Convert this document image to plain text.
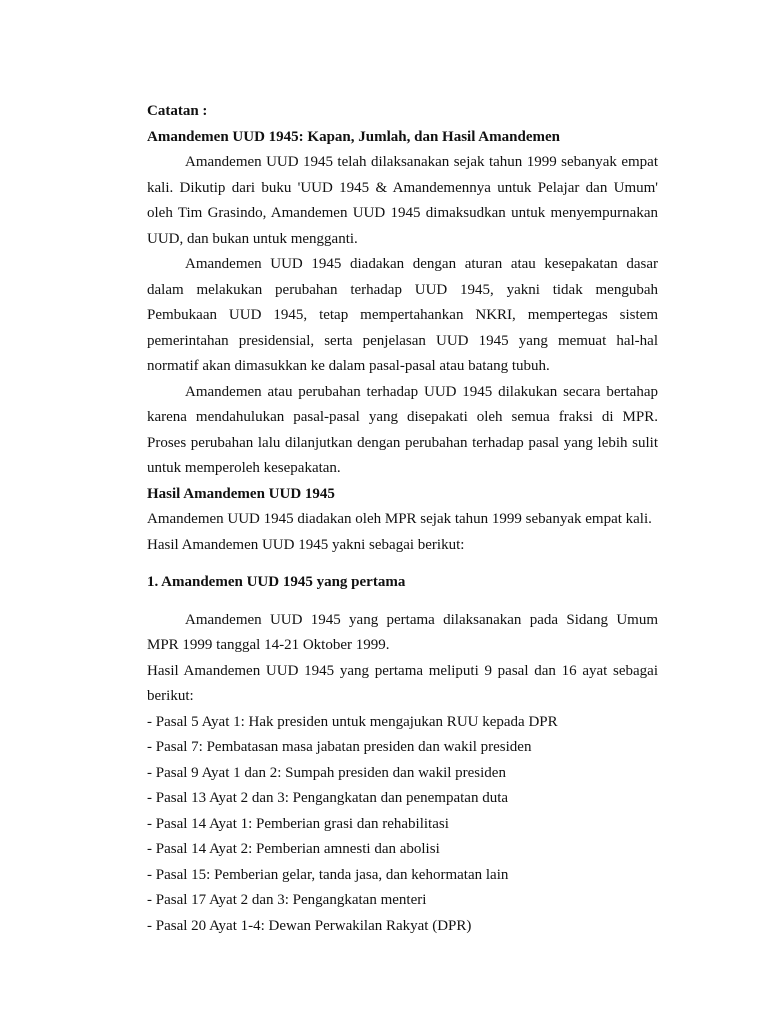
Catatan :
Amandemen UUD 1945: Kapan, Jumlah, dan Hasil Amandemen
Amandemen UUD 1945 telah dilaksanakan sejak tahun 1999 sebanyak empat
kali. Dikutip dari buku 'UUD 1945 & Amandemennya untuk Pelajar dan Umum'
oleh Tim Grasindo, Amandemen UUD 1945 dimaksudkan untuk menyempurnakan
UUD, dan bukan untuk mengganti.
Amandemen UUD 1945 diadakan dengan aturan atau kesepakatan dasar
dalam melakukan perubahan terhadap UUD 1945, yakni tidak mengubah
Pembukaan UUD 1945, tetap mempertahankan NKRI, mempertegas sistem
pemerintahan presidensial, serta penjelasan UUD 1945 yang memuat hal-hal
normatif akan dimasukkan ke dalam pasal-pasal atau batang tubuh.
Amandemen atau perubahan terhadap UUD 1945 dilakukan secara bertahap
karena mendahulukan pasal-pasal yang disepakati oleh semua fraksi di MPR.
Proses perubahan lalu dilanjutkan dengan perubahan terhadap pasal yang lebih sulit
untuk memperoleh kesepakatan.
Hasil Amandemen UUD 1945
Amandemen UUD 1945 diadakan oleh MPR sejak tahun 1999 sebanyak empat kali.
Hasil Amandemen UUD 1945 yakni sebagai berikut:
1. Amandemen UUD 1945 yang pertama
Amandemen UUD 1945 yang pertama dilaksanakan pada Sidang Umum
MPR 1999 tanggal 14-21 Oktober 1999.
Hasil Amandemen UUD 1945 yang pertama meliputi 9 pasal dan 16 ayat sebagai
berikut:
- Pasal 5 Ayat 1: Hak presiden untuk mengajukan RUU kepada DPR
- Pasal 7: Pembatasan masa jabatan presiden dan wakil presiden
- Pasal 9 Ayat 1 dan 2: Sumpah presiden dan wakil presiden
- Pasal 13 Ayat 2 dan 3: Pengangkatan dan penempatan duta
- Pasal 14 Ayat 1: Pemberian grasi dan rehabilitasi
- Pasal 14 Ayat 2: Pemberian amnesti dan abolisi
- Pasal 15: Pemberian gelar, tanda jasa, dan kehormatan lain
- Pasal 17 Ayat 2 dan 3: Pengangkatan menteri
- Pasal 20 Ayat 1-4: Dewan Perwakilan Rakyat (DPR)
